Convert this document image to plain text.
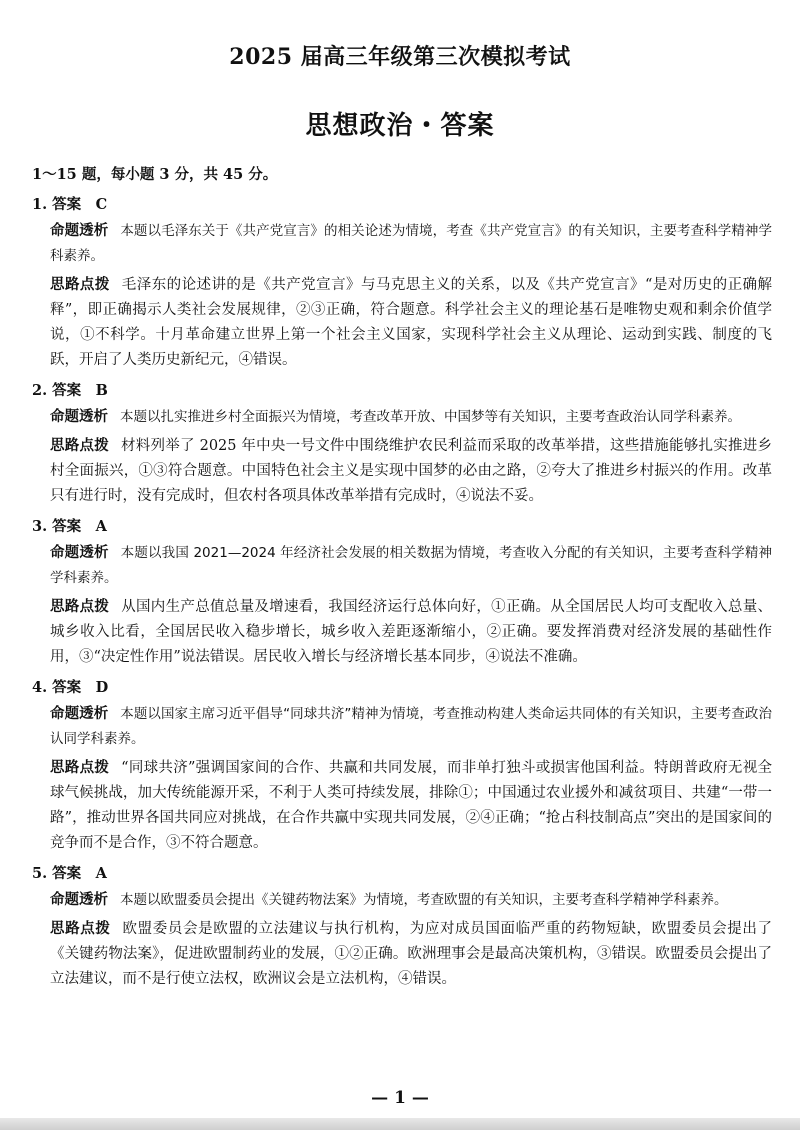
2025 届高三年级第三次模拟考试
思想政治・答案
1～15 题，每小题 3 分，共 45 分。
1. 答案　C
命题透析 本题以毛泽东关于《共产党宣言》的相关论述为情境，考查《共产党宣言》的有关知识，主要考查科学精神学科素养。
思路点拨 毛泽东的论述讲的是《共产党宣言》与马克思主义的关系，以及《共产党宣言》“是对历史的正确解释”，即正确揭示人类社会发展规律，②③正确，符合题意。科学社会主义的理论基石是唯物史观和剩余价值学说，①不科学。十月革命建立世界上第一个社会主义国家，实现科学社会主义从理论、运动到实践、制度的飞跃，开启了人类历史新纪元，④错误。
2. 答案　B
命题透析 本题以扎实推进乡村全面振兴为情境，考查改革开放、中国梦等有关知识，主要考查政治认同学科素养。
思路点拨 材料列举了 2025 年中央一号文件中围绕维护农民利益而采取的改革举措，这些措施能够扎实推进乡村全面振兴，①③符合题意。中国特色社会主义是实现中国梦的必由之路，②夸大了推进乡村振兴的作用。改革只有进行时，没有完成时，但农村各项具体改革举措有完成时，④说法不妥。
3. 答案　A
命题透析 本题以我国 2021—2024 年经济社会发展的相关数据为情境，考查收入分配的有关知识，主要考查科学精神学科素养。
思路点拨 从国内生产总值总量及增速看，我国经济运行总体向好，①正确。从全国居民人均可支配收入总量、城乡收入比看，全国居民收入稳步增长，城乡收入差距逐渐缩小，②正确。要发挥消费对经济发展的基础性作用，③“决定性作用”说法错误。居民收入增长与经济增长基本同步，④说法不准确。
4. 答案　D
命题透析 本题以国家主席习近平倡导“同球共济”精神为情境，考查推动构建人类命运共同体的有关知识，主要考查政治认同学科素养。
思路点拨 “同球共济”强调国家间的合作、共赢和共同发展，而非单打独斗或损害他国利益。特朗普政府无视全球气候挑战，加大传统能源开采，不利于人类可持续发展，排除①；中国通过农业援外和减贫项目、共建“一带一路”，推动世界各国共同应对挑战，在合作共赢中实现共同发展，②④正确；“抢占科技制高点”突出的是国家间的竞争而不是合作，③不符合题意。
5. 答案　A
命题透析 本题以欧盟委员会提出《关键药物法案》为情境，考查欧盟的有关知识，主要考查科学精神学科素养。
思路点拨 欧盟委员会是欧盟的立法建议与执行机构，为应对成员国面临严重的药物短缺，欧盟委员会提出了《关键药物法案》，促进欧盟制药业的发展，①②正确。欧洲理事会是最高决策机构，③错误。欧盟委员会提出了立法建议，而不是行使立法权，欧洲议会是立法机构，④错误。
— 1 —
